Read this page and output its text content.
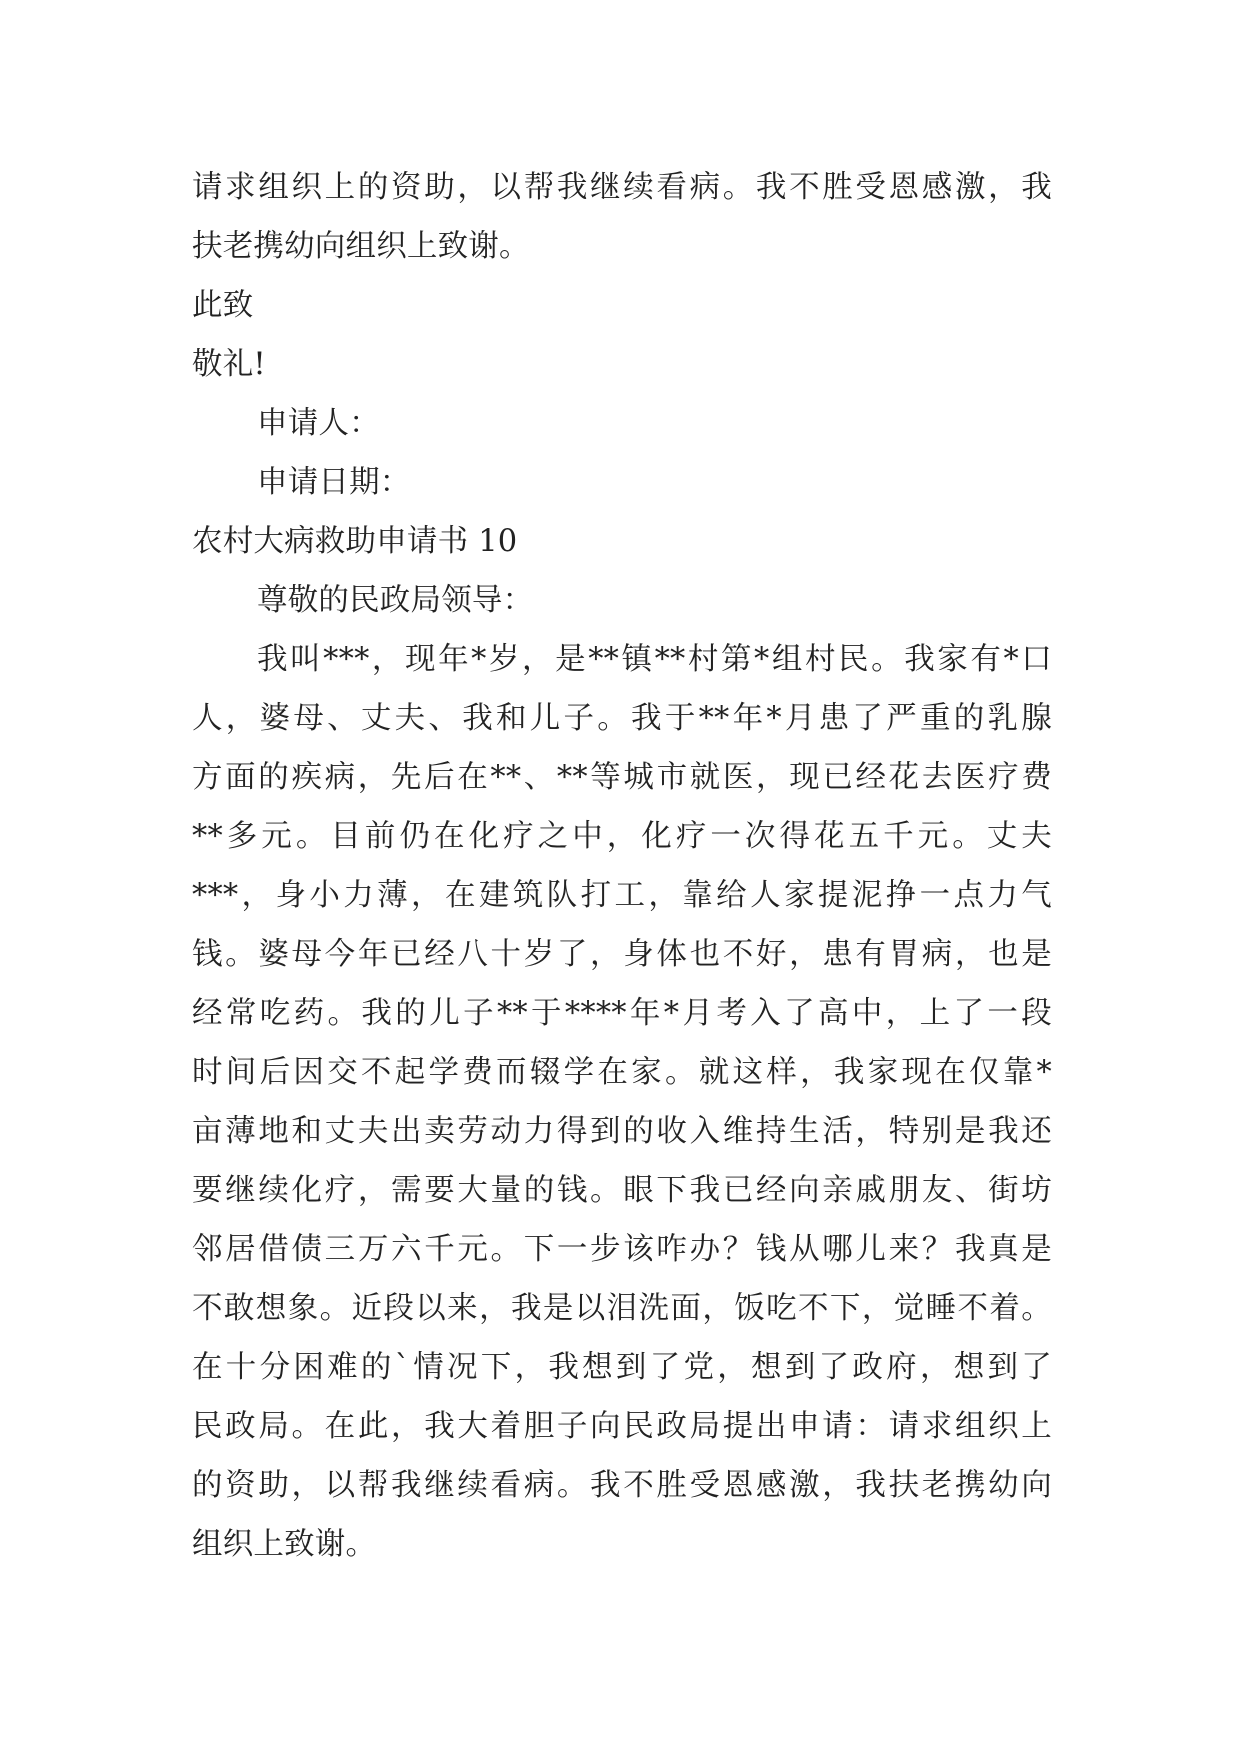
请求组织上的资助，以帮我继续看病。我不胜受恩感激，我
扶老携幼向组织上致谢。
此致
敬礼!
申请人：
申请日期：
农村大病救助申请书 10
尊敬的民政局领导：
我叫***，现年*岁，是**镇**村第*组村民。我家有*口
人，婆母、丈夫、我和儿子。我于**年*月患了严重的乳腺
方面的疾病，先后在**、**等城市就医，现已经花去医疗费
**多元。目前仍在化疗之中，化疗一次得花五千元。丈夫
***，身小力薄，在建筑队打工，靠给人家提泥挣一点力气
钱。婆母今年已经八十岁了，身体也不好，患有胃病，也是
经常吃药。我的儿子**于****年*月考入了高中，上了一段
时间后因交不起学费而辍学在家。就这样，我家现在仅靠*
亩薄地和丈夫出卖劳动力得到的收入维持生活，特别是我还
要继续化疗，需要大量的钱。眼下我已经向亲戚朋友、街坊
邻居借债三万六千元。下一步该咋办？钱从哪儿来？我真是
不敢想象。近段以来，我是以泪洗面，饭吃不下，觉睡不着。
在十分困难的`情况下，我想到了党，想到了政府，想到了
民政局。在此，我大着胆子向民政局提出申请：请求组织上
的资助，以帮我继续看病。我不胜受恩感激，我扶老携幼向
组织上致谢。
